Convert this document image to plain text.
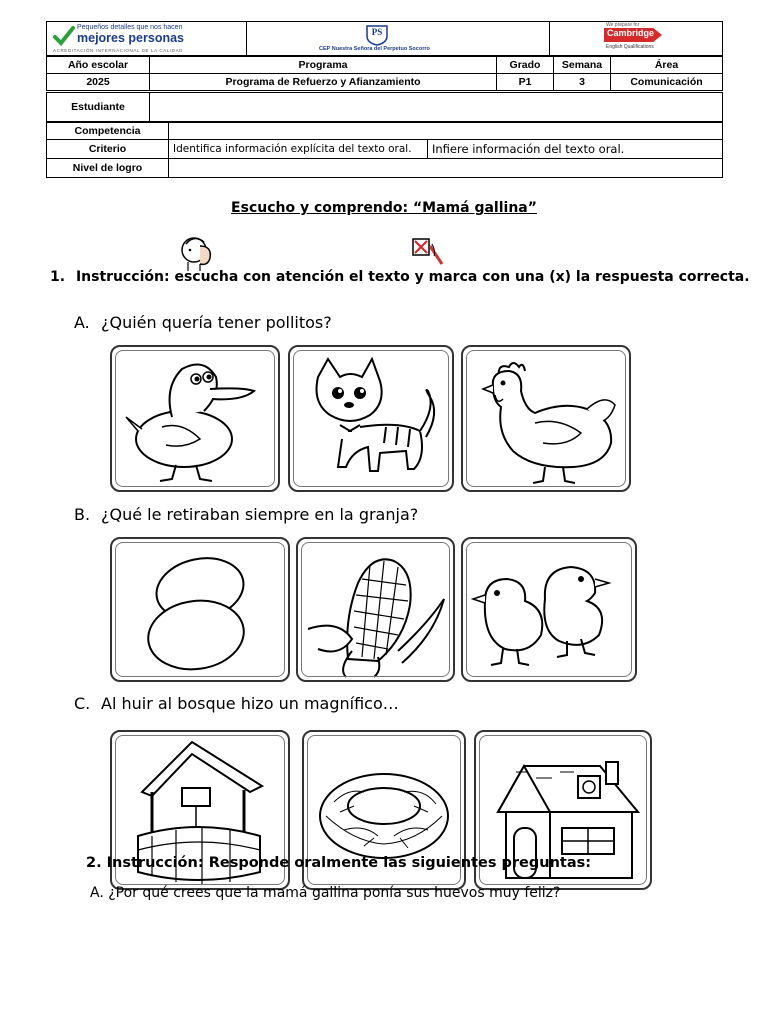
Pequeños detalles que nos hacen
mejores personas
ACREDITACIÓN INTERNACIONAL DE LA CALIDAD
PS
CEP Nuestra Señora del Perpetuo Socorro
We prepare for
Cambridge
English Qualifications
Año escolar	Programa	Grado	Semana	Área
2025	Programa de Refuerzo y Afianzamiento	P1	3	Comunicación
Estudiante	
Competencia		
Criterio	Identifica información explícita del texto oral.	Infiere información del texto oral.
Nivel de logro		
Escucho y comprendo: “Mamá gallina”
1. Instrucción: escucha con atención el texto y marca con una (x) la respuesta correcta.
A. ¿Quién quería tener pollitos?
B. ¿Qué le retiraban siempre en la granja?
C. Al huir al bosque hizo un magnífico…
2. Instrucción: Responde oralmente las siguientes preguntas:
A. ¿Por qué crees que la mamá gallina ponía sus huevos muy feliz?
